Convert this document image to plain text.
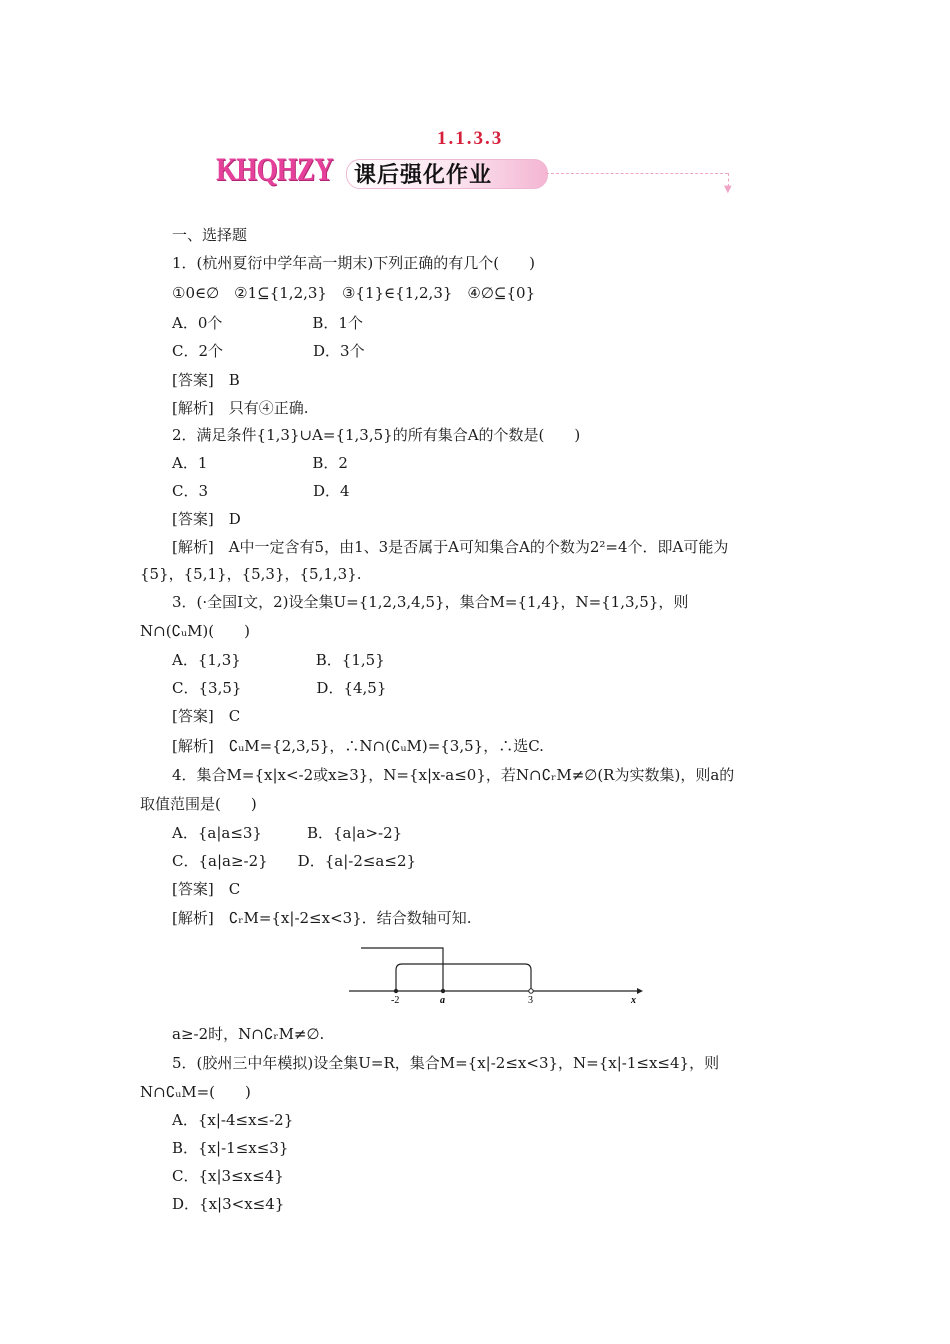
1.1.3.3
KHQHZY 课后强化作业
▼
一、选择题
1．(杭州夏衍中学年高一期末)下列正确的有几个(　　)
①0∈∅　②1⊆{1,2,3}　③{1}∈{1,2,3}　④∅⊆{0}
A．0个　　　　　　B．1个
C．2个　　　　　　D．3个
[答案]　B
[解析]　只有④正确.
2．满足条件{1,3}∪A={1,3,5}的所有集合A的个数是(　　)
A．1　　　　　　　B．2
C．3　　　　　　　D．4
[答案]　D
[解析]　A中一定含有5，由1、3是否属于A可知集合A的个数为2²=4个．即A可能为
{5}，{5,1}，{5,3}，{5,1,3}.
3．(·全国Ⅰ文，2)设全集U={1,2,3,4,5}，集合M={1,4}，N={1,3,5}，则
N∩(∁ᵤM)(　　)
A．{1,3}　　　　　B．{1,5}
C．{3,5}　　　　　D．{4,5}
[答案]　C
[解析]　∁ᵤM={2,3,5}，∴N∩(∁ᵤM)={3,5}，∴选C.
4．集合M={x|x<-2或x≥3}，N={x|x-a≤0}，若N∩∁ᵣM≠∅(R为实数集)，则a的
取值范围是(　　)
A．{a|a≤3}　　　B．{a|a>-2}
C．{a|a≥-2}　　D．{a|-2≤a≤2}
[答案]　C
[解析]　∁ᵣM={x|-2≤x<3}．结合数轴可知.
-2	a	3	x
a≥-2时，N∩∁ᵣM≠∅.
5．(胶州三中年模拟)设全集U=R，集合M={x|-2≤x<3}，N={x|-1≤x≤4}，则
N∩∁ᵤM=(　　)
A．{x|-4≤x≤-2}
B．{x|-1≤x≤3}
C．{x|3≤x≤4}
D．{x|3<x≤4}
